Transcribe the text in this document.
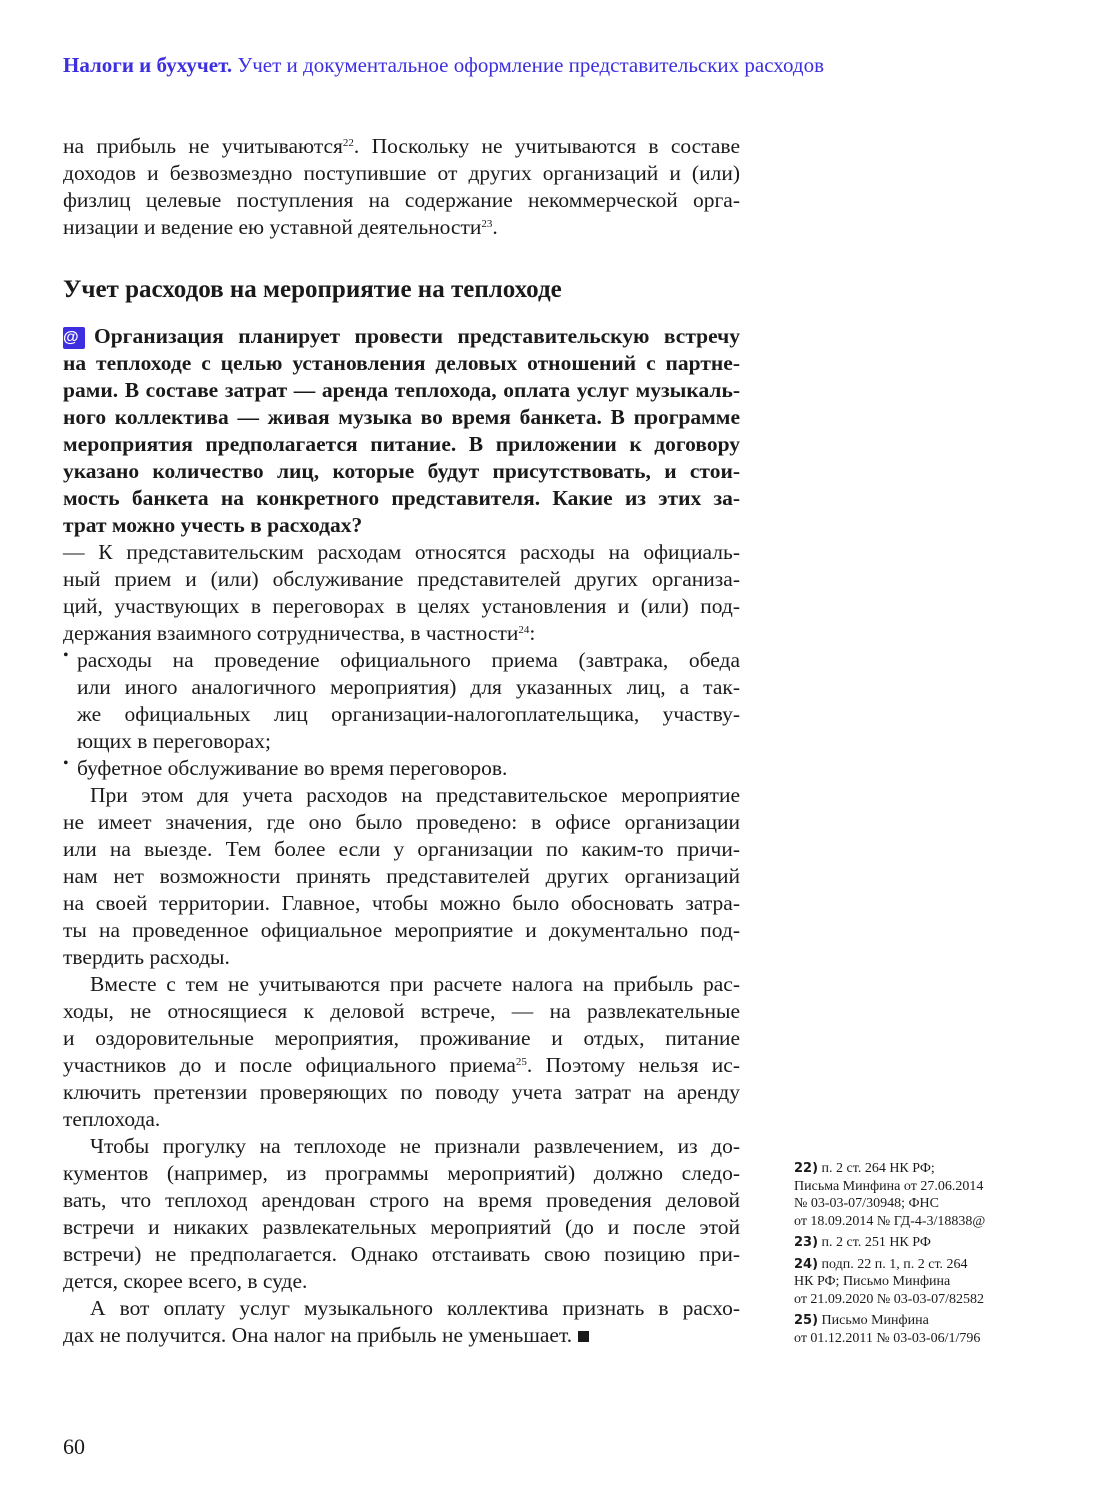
Налоги и бухучет. Учет и документальное оформление представительских расходов
на прибыль не учитываются$^{22}$. Поскольку не учитываются в составе
доходов и безвозмездно поступившие от других организаций и (или)
физлиц целевые поступления на содержание некоммерческой орга-
низации и ведение ею уставной деятельности$^{23}$.
Учет расходов на мероприятие на теплоходе
@ Организация планирует провести представительскую встречу
на теплоходе с целью установления деловых отношений с партне-
рами. В составе затрат — аренда теплохода, оплата услуг музыкаль-
ного коллектива — живая музыка во время банкета. В программе
мероприятия предполагается питание. В приложении к договору
указано количество лиц, которые будут присутствовать, и стои-
мость банкета на конкретного представителя. Какие из этих за-
трат можно учесть в расходах?
— К представительским расходам относятся расходы на официаль-
ный прием и (или) обслуживание представителей других организа-
ций, участвующих в переговорах в целях установления и (или) под-
держания взаимного сотрудничества, в частности$^{24}$:
• расходы на проведение официального приема (завтрака, обеда
или иного аналогичного мероприятия) для указанных лиц, а так-
же официальных лиц организации-налогоплательщика, участву-
ющих в переговорах;
• буфетное обслуживание во время переговоров.
При этом для учета расходов на представительское мероприятие
не имеет значения, где оно было проведено: в офисе организации
или на выезде. Тем более если у организации по каким-то причи-
нам нет возможности принять представителей других организаций
на своей территории. Главное, чтобы можно было обосновать затра-
ты на проведенное официальное мероприятие и документально под-
твердить расходы.
Вместе с тем не учитываются при расчете налога на прибыль рас-
ходы, не относящиеся к деловой встрече, — на развлекательные
и оздоровительные мероприятия, проживание и отдых, питание
участников до и после официального приема$^{25}$. Поэтому нельзя ис-
ключить претензии проверяющих по поводу учета затрат на аренду
теплохода.
Чтобы прогулку на теплоходе не признали развлечением, из до-
кументов (например, из программы мероприятий) должно следо-
вать, что теплоход арендован строго на время проведения деловой
встречи и никаких развлекательных мероприятий (до и после этой
встречи) не предполагается. Однако отстаивать свою позицию при-
дется, скорее всего, в суде.
А вот оплату услуг музыкального коллектива признать в расхо-
дах не получится. Она налог на прибыль не уменьшает.
22) п. 2 ст. 264 НК РФ;
Письма Минфина от 27.06.2014
№ 03-03-07/30948; ФНС
от 18.09.2014 № ГД-4-3/18838@
23) п. 2 ст. 251 НК РФ
24) подп. 22 п. 1, п. 2 ст. 264
НК РФ; Письмо Минфина
от 21.09.2020 № 03-03-07/82582
25) Письмо Минфина
от 01.12.2011 № 03-03-06/1/796
60
